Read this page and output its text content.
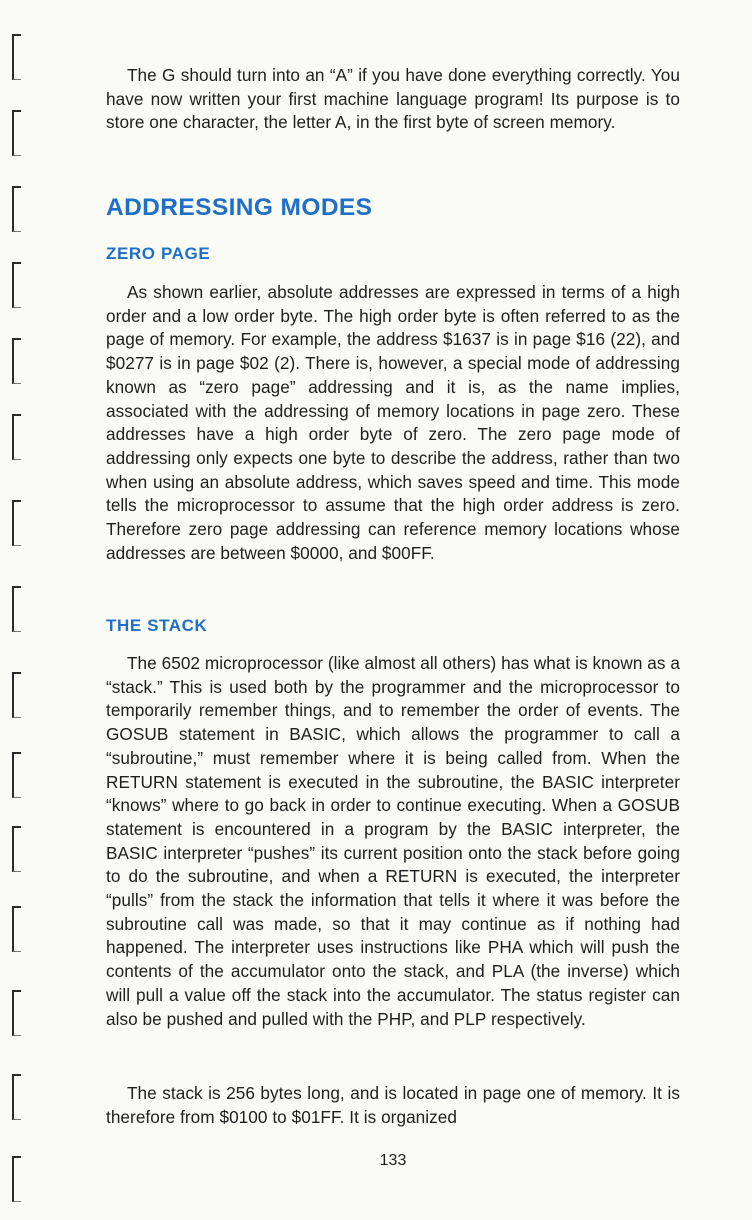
The G should turn into an “A” if you have done everything correctly. You have now written your first machine language program! Its purpose is to store one character, the letter A, in the first byte of screen memory.

ADDRESSING MODES
ZERO PAGE

As shown earlier, absolute addresses are expressed in terms of a high order and a low order byte. The high order byte is often referred to as the page of memory. For example, the address $1637 is in page $16 (22), and $0277 is in page $02 (2). There is, however, a special mode of addressing known as “zero page” addressing and it is, as the name implies, associated with the addressing of memory locations in page zero. These addresses have a high order byte of zero. The zero page mode of addressing only expects one byte to describe the address, rather than two when using an absolute address, which saves speed and time. This mode tells the microprocessor to assume that the high order address is zero. Therefore zero page addressing can reference memory locations whose addresses are between $0000, and $00FF.

THE STACK

The 6502 microprocessor (like almost all others) has what is known as a “stack.” This is used both by the programmer and the microprocessor to temporarily remember things, and to remember the order of events. The GOSUB statement in BASIC, which allows the programmer to call a “subroutine,” must remember where it is being called from. When the RETURN statement is executed in the subroutine, the BASIC interpreter “knows” where to go back in order to continue executing. When a GOSUB statement is encountered in a program by the BASIC interpreter, the BASIC interpreter “pushes” its current position onto the stack before going to do the subroutine, and when a RETURN is executed, the interpreter “pulls” from the stack the information that tells it where it was before the subroutine call was made, so that it may continue as if nothing had happened. The interpreter uses instructions like PHA which will push the contents of the accumulator onto the stack, and PLA (the inverse) which will pull a value off the stack into the accumulator. The status register can also be pushed and pulled with the PHP, and PLP respectively.

The stack is 256 bytes long, and is located in page one of memory. It is therefore from $0100 to $01FF. It is organized

133
